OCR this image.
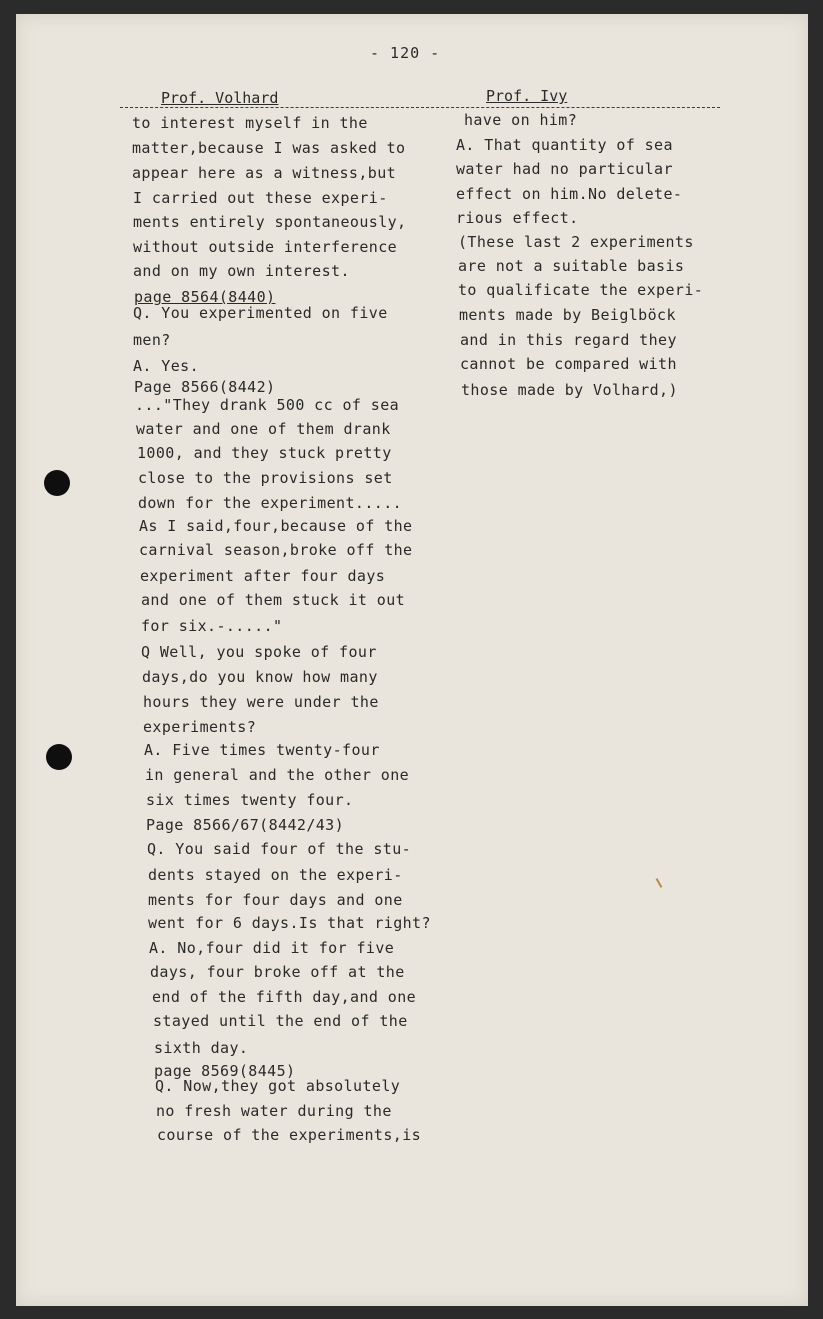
- 120 -
Prof. Volhard	Prof. Ivy
to interest myself in the
matter,because I was asked to
appear here as a witness,but
I carried out these experi-
ments entirely spontaneously,
without outside interference
and on my own interest.
page 8564(8440)
Q. You experimented on five
men?
A. Yes.
Page 8566(8442)
..."They drank 500 cc of sea
water and one of them drank
1000, and they stuck pretty
close to the provisions set
down for the experiment.....
As I said,four,because of the
carnival season,broke off the
experiment after four days
and one of them stuck it out
for six.-....."
Q Well, you spoke of four
days,do you know how many
hours they were under the
experiments?
A. Five times twenty-four
in general and the other one
six times twenty four.
Page 8566/67(8442/43)
Q. You said four of the stu-
dents stayed on the experi-
ments for four days and one
went for 6 days.Is that right?
A. No,four did it for five
days, four broke off at the
end of the fifth day,and one
stayed until the end of the
sixth day.
page 8569(8445)
Q. Now,they got absolutely
no fresh water during the
course of the experiments,is
have on him?
A. That quantity of sea
water had no particular
effect on him.No delete-
rious effect.
(These last 2 experiments
are not a suitable basis
to qualificate the experi-
ments made by Beiglböck
and in this regard they
cannot be compared with
those made by Volhard,)
